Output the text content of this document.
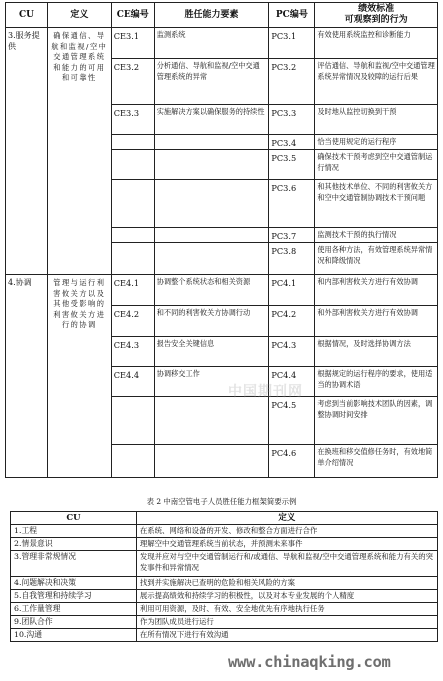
CU	定义	CE编号	胜任能力要素	PC编号	绩效标准
可观察到的行为
3.服务提供	确保通信、导航和监视/空中交通管理系统和能力的可用和可靠性	CE3.1	监测系统	PC3.1	有效使用系统监控和诊断能力
		CE3.2	分析通信、导航和监视/空中交通管理系统的异常	PC3.2	评估通信、导航和监视/空中交通管理系统异常情况及较障的运行后果
		CE3.3	实施解决方案以确保服务的持续性	PC3.3	及时地从监控切换到干预
				PC3.4	恰当使用规定的运行程序
				PC3.5	确保技术干预考虑到空中交通管制运行情况
				PC3.6	和其他技术单位、不同的利害攸关方和空中交通管制协调技术干预问题
				PC3.7	监测技术干预的执行情况
				PC3.8	使用各种方法，有效管理系统异常情况和降级情况
4.协调	管理与运行利害攸关方以及其他受影响的利害攸关方进行的协调	CE4.1	协调整个系统状态和相关资源	PC4.1	和内部利害攸关方进行有效协调
		CE4.2	和不同的利害攸关方协调行动	PC4.2	和外部利害攸关方进行有效协调
		CE4.3	报告安全关键信息	PC4.3	根据情况，及时选择协调方法
		CE4.4	协调移交工作	PC4.4	根据规定的运行程序的要求，使用适当的协调术语
				PC4.5	考虑到当前影响技术团队的因素，调整协调时间安排
				PC4.6	在换班和移交值修任务时，有效地简单介绍情况
中国期刊网
表 2 中南空管电子人员胜任能力框架简要示例
CU	定义
1.工程	在系统、网络和设备的开发、修改和整合方面进行合作
2.情景意识	理解空中交通管理系统当前状态，并预测未来事件
3.管理非常规情况	发现并应对与空中交通管制运行和/或通信、导航和监视/空中交通管理系统和能力有关的突发事件和异常情况
4.问题解决和决策	找到并实施解决已查明的危险和相关风险的方案
5.自我管理和持续学习	展示提高绩效和持续学习的积极性，以及对本专业发展的个人精度
6.工作量管理	利用可用资源，及时、有效、安全地优先有序地执行任务
9.团队合作	作为团队成员进行运行
10.沟通	在所有情况下进行有效沟通
www.chinaqking.com
